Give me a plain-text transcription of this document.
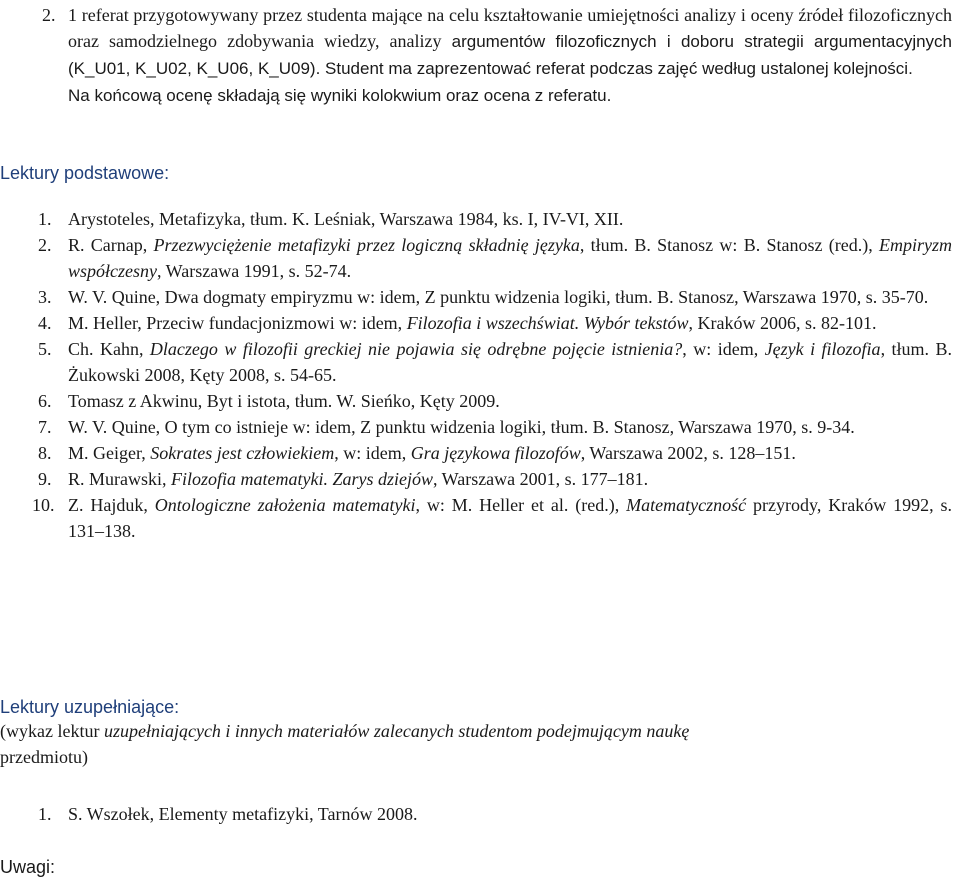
2. 1 referat przygotowywany przez studenta mające na celu kształtowanie umiejętności analizy i oceny źródeł filozoficznych oraz samodzielnego zdobywania wiedzy, analizy argumentów filozoficznych i doboru strategii argumentacyjnych (K_U01, K_U02, K_U06, K_U09). Student ma zaprezentować referat podczas zajęć według ustalonej kolejności.
Na końcową ocenę składają się wyniki kolokwium oraz ocena z referatu.
Lektury podstawowe:
1. Arystoteles, Metafizyka, tłum. K. Leśniak, Warszawa 1984, ks. I, IV-VI, XII.
2. R. Carnap, Przezwyciężenie metafizyki przez logiczną składnię języka, tłum. B. Stanosz w: B. Stanosz (red.), Empiryzm współczesny, Warszawa 1991, s. 52-74.
3. W. V. Quine, Dwa dogmaty empiryzmu w: idem, Z punktu widzenia logiki, tłum. B. Stanosz, Warszawa 1970, s. 35-70.
4. M. Heller, Przeciw fundacjonizmowi w: idem, Filozofia i wszechświat. Wybór tekstów, Kraków 2006, s. 82-101.
5. Ch. Kahn, Dlaczego w filozofii greckiej nie pojawia się odrębne pojęcie istnienia?, w: idem, Język i filozofia, tłum. B. Żukowski 2008, Kęty 2008, s. 54-65.
6. Tomasz z Akwinu, Byt i istota, tłum. W. Sieńko, Kęty 2009.
7. W. V. Quine, O tym co istnieje w: idem, Z punktu widzenia logiki, tłum. B. Stanosz, Warszawa 1970, s. 9-34.
8. M. Geiger, Sokrates jest człowiekiem, w: idem, Gra językowa filozofów, Warszawa 2002, s. 128–151.
9. R. Murawski, Filozofia matematyki. Zarys dziejów, Warszawa 2001, s. 177–181.
10. Z. Hajduk, Ontologiczne założenia matematyki, w: M. Heller et al. (red.), Matematyczność przyrody, Kraków 1992, s. 131–138.
Lektury uzupełniające:

(wykaz lektur uzupełniających i innych materiałów zalecanych studentom podejmującym naukę
przedmiotu)

1. S. Wszołek, Elementy metafizyki, Tarnów 2008.
Uwagi:
